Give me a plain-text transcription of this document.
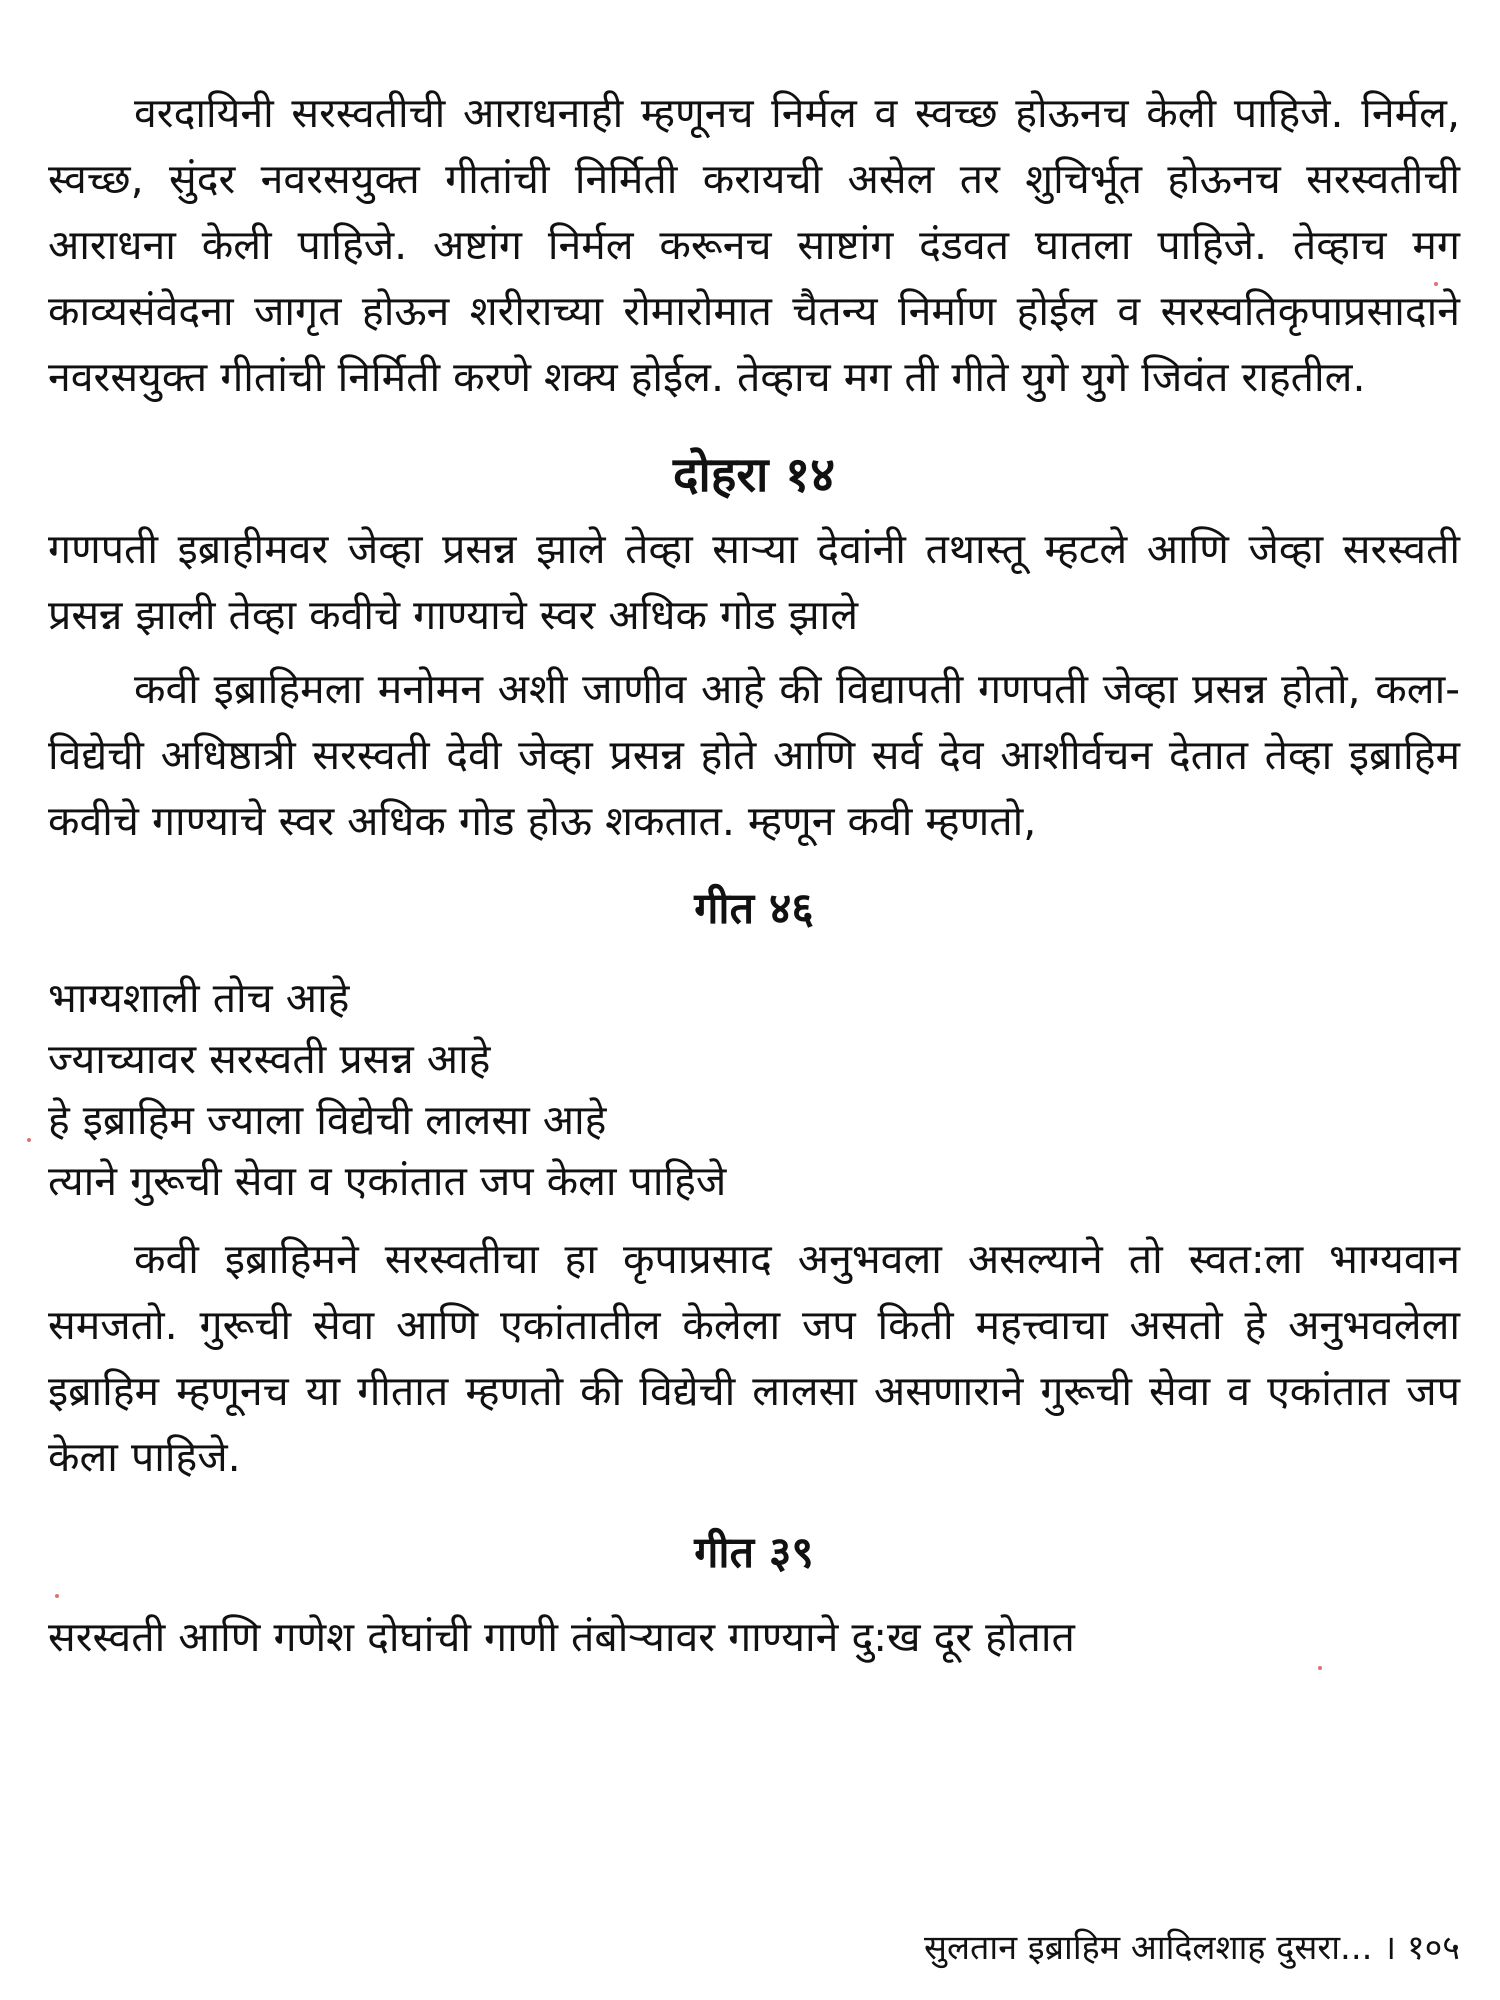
वरदायिनी सरस्वतीची आराधनाही म्हणूनच निर्मल व स्वच्छ होऊनच केली पाहिजे. निर्मल, स्वच्छ, सुंदर नवरसयुक्त गीतांची निर्मिती करायची असेल तर शुचिर्भूत होऊनच सरस्वतीची आराधना केली पाहिजे. अष्टांग निर्मल करूनच साष्टांग दंडवत घातला पाहिजे. तेव्हाच मग काव्यसंवेदना जागृत होऊन शरीराच्या रोमारोमात चैतन्य निर्माण होईल व सरस्वतिकृपाप्रसादाने नवरसयुक्त गीतांची निर्मिती करणे शक्य होईल. तेव्हाच मग ती गीते युगे युगे जिवंत राहतील.

दोहरा १४

गणपती इब्राहीमवर जेव्हा प्रसन्न झाले तेव्हा साऱ्या देवांनी तथास्तू म्हटले आणि जेव्हा सरस्वती प्रसन्न झाली तेव्हा कवीचे गाण्याचे स्वर अधिक गोड झाले

कवी इब्राहिमला मनोमन अशी जाणीव आहे की विद्यापती गणपती जेव्हा प्रसन्न होतो, कला-विद्येची अधिष्ठात्री सरस्वती देवी जेव्हा प्रसन्न होते आणि सर्व देव आशीर्वचन देतात तेव्हा इब्राहिम कवीचे गाण्याचे स्वर अधिक गोड होऊ शकतात. म्हणून कवी म्हणतो,

गीत ४६

भाग्यशाली तोच आहे

ज्याच्यावर सरस्वती प्रसन्न आहे

हे इब्राहिम ज्याला विद्येची लालसा आहे

त्याने गुरूची सेवा व एकांतात जप केला पाहिजे

कवी इब्राहिमने सरस्वतीचा हा कृपाप्रसाद अनुभवला असल्याने तो स्वत:ला भाग्यवान समजतो. गुरूची सेवा आणि एकांतातील केलेला जप किती महत्त्वाचा असतो हे अनुभवलेला इब्राहिम म्हणूनच या गीतात म्हणतो की विद्येची लालसा असणाराने गुरूची सेवा व एकांतात जप केला पाहिजे.

गीत ३९

सरस्वती आणि गणेश दोघांची गाणी तंबोऱ्यावर गाण्याने दु:ख दूर होतात

सुलतान इब्राहिम आदिलशाह दुसरा... । १०५
